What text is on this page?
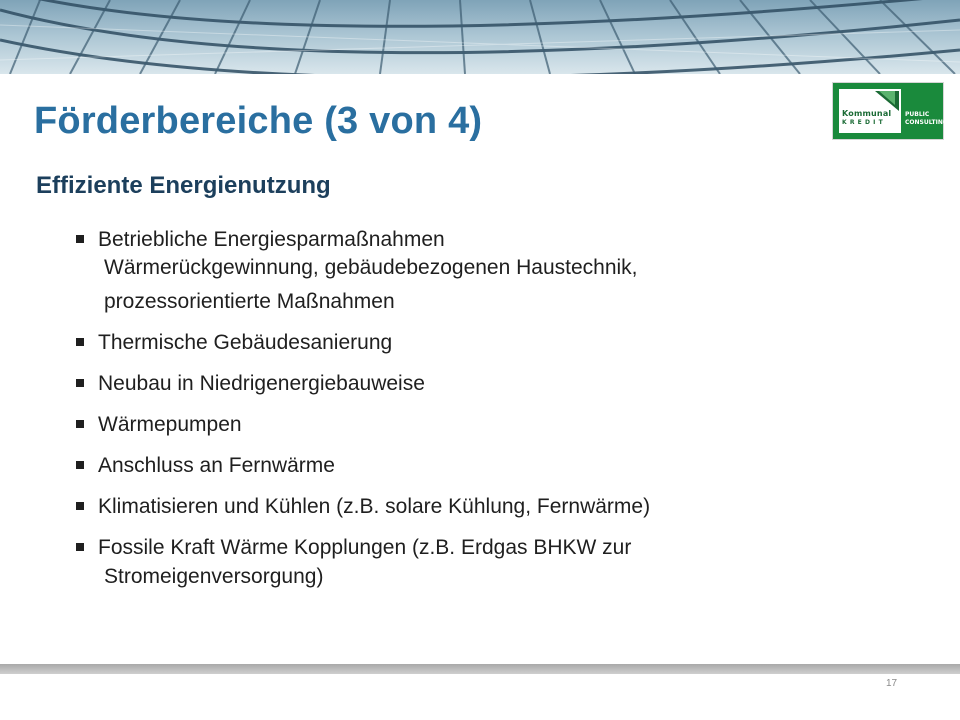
Kommunal
KREDIT
PUBLIC
CONSULTING
Förderbereiche (3 von 4)
Effiziente Energienutzung
Betriebliche Energiesparmaßnahmen
Wärmerückgewinnung, gebäudebezogenen Haustechnik,
prozessorientierte Maßnahmen
Thermische Gebäudesanierung
Neubau in Niedrigenergiebauweise
Wärmepumpen
Anschluss an Fernwärme
Klimatisieren und Kühlen (z.B. solare Kühlung, Fernwärme)
Fossile Kraft Wärme Kopplungen (z.B. Erdgas BHKW zur
Stromeigenversorgung)
17
